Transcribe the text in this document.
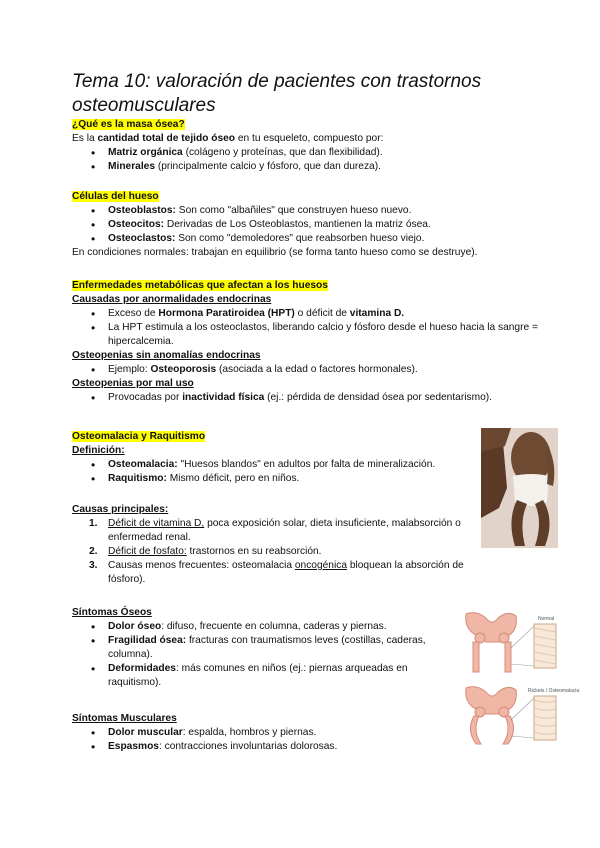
Tema 10: valoración de pacientes con trastornos osteomusculares

¿Qué es la masa ósea?

Es la cantidad total de tejido óseo en tu esqueleto, compuesto por:

• Matriz orgánica (colágeno y proteínas, que dan flexibilidad).
• Minerales (principalmente calcio y fósforo, que dan dureza).

Células del hueso

• Osteoblastos: Son como "albañiles" que construyen hueso nuevo.
• Osteocitos: Derivadas de Los Osteoblastos, mantienen la matriz ósea.
• Osteoclastos: Son como "demoledores" que reabsorben hueso viejo.

En condiciones normales: trabajan en equilibrio (se forma tanto hueso como se destruye).

Enfermedades metabólicas que afectan a los huesos

Causadas por anormalidades endocrinas

• Exceso de Hormona Paratiroidea (HPT) o déficit de vitamina D.
• La HPT estimula a los osteoclastos, liberando calcio y fósforo desde el hueso hacia la sangre = hipercalcemia.

Osteopenias sin anomalías endocrinas

• Ejemplo: Osteoporosis (asociada a la edad o factores hormonales).

Osteopenias por mal uso

• Provocadas por inactividad física (ej.: pérdida de densidad ósea por sedentarismo).

Osteomalacia y Raquitismo

Definición:

• Osteomalacia: "Huesos blandos" en adultos por falta de mineralización.
• Raquitismo: Mismo déficit, pero en niños.

Causas principales:

1. Déficit de vitamina D, poca exposición solar, dieta insuficiente, malabsorción o enfermedad renal.
2. Déficit de fosfato: trastornos en su reabsorción.
3. Causas menos frecuentes: osteomalacia oncogénica bloquean la absorción de fósforo).

Síntomas Óseos

• Dolor óseo: difuso, frecuente en columna, caderas y piernas.
• Fragilidad ósea: fracturas con traumatismos leves (costillas, caderas, columna).
• Deformidades: más comunes en niños (ej.: piernas arqueadas en raquitismo).

Síntomas Musculares

• Dolor muscular: espalda, hombros y piernas.
• Espasmos: contracciones involuntarias dolorosas.
Normal
Rickets / Osteomalacia
